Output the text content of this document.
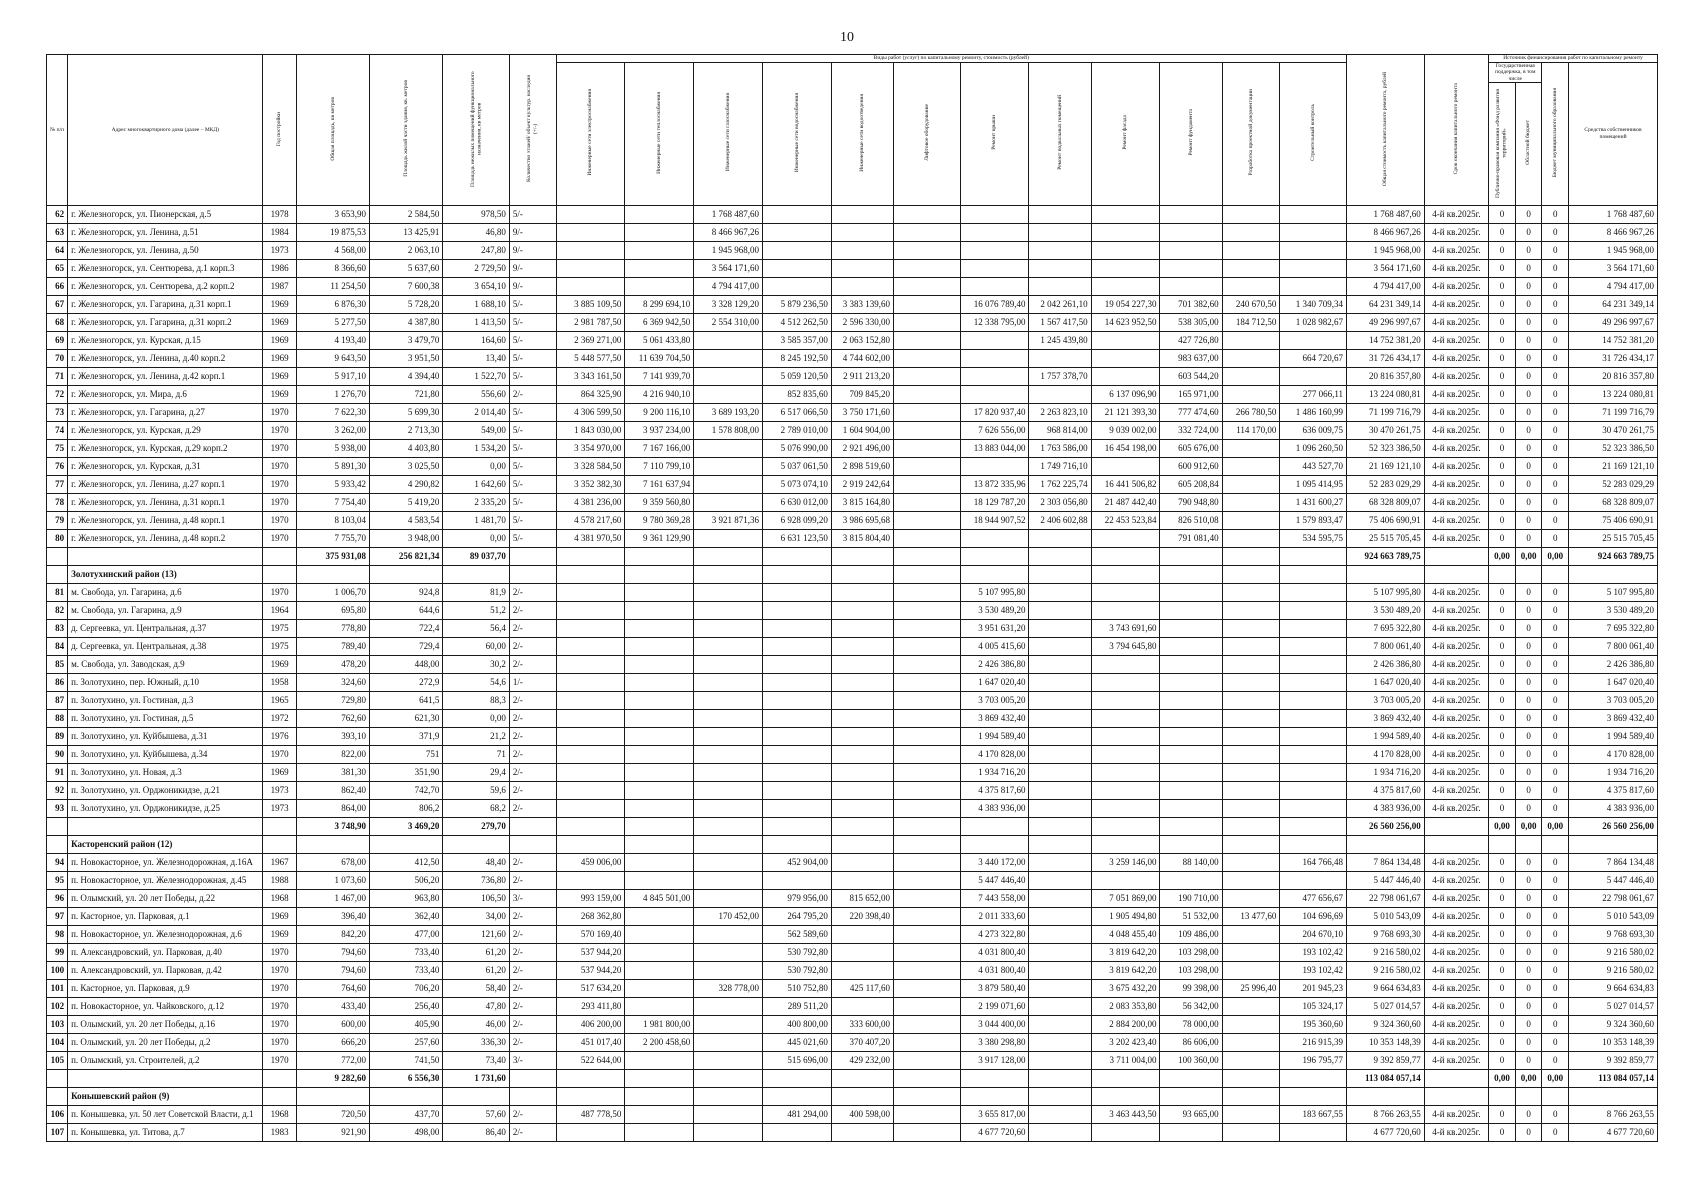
10
№ п/п	Адрес многоквартирного дома (далее – МКД)	Год постройки	Общая площадь, кв метров	Площадь жилой части здания, кв. метров	Площадь нежилых помещений функционального назначения, кв метров	Количество этажей/ объект культур. наследия (+/-)	Виды работ (услуг) по капитальному ремонту, стоимость (рублей)												Общая стоимость капитального ремонта, рублей	Срок окончания капитального ремонта	Источник финансирования работ по капитальному ремонту			
							Инженерные сети электроснабжения	Инженерные сети теплоснабжения	Инженерные сети газоснабжения	Инженерные сети водоснабжения	Инженерные сети водоотведения	Лифтовое оборудование	Ремонт крыши	Ремонт подвальных помещений	Ремонт фасада	Ремонт фундамента	Разработка проектной документации	Строительный контроль			Государственная поддержка, в том числе		Бюджет муниципального образования	Средства собственников помещений
																					Публично-правовая компания «Фонд развития территорий»	Областной бюджет		
62	г. Железногорск, ул. Пионерская, д.5	1978	3 653,90	2 584,50	978,50	5/-			1 768 487,60										1 768 487,60	4-й кв.2025г.	0	0	0	1 768 487,60
63	г. Железногорск, ул. Ленина, д.51	1984	19 875,53	13 425,91	46,80	9/-			8 466 967,26										8 466 967,26	4-й кв.2025г.	0	0	0	8 466 967,26
64	г. Железногорск, ул. Ленина, д.50	1973	4 568,00	2 063,10	247,80	9/-			1 945 968,00										1 945 968,00	4-й кв.2025г.	0	0	0	1 945 968,00
65	г. Железногорск, ул. Сентюрева, д.1 корп.3	1986	8 366,60	5 637,60	2 729,50	9/-			3 564 171,60										3 564 171,60	4-й кв.2025г.	0	0	0	3 564 171,60
66	г. Железногорск, ул. Сентюрева, д.2 корп.2	1987	11 254,50	7 600,38	3 654,10	9/-			4 794 417,00										4 794 417,00	4-й кв.2025г.	0	0	0	4 794 417,00
67	г. Железногорск, ул. Гагарина, д.31 корп.1	1969	6 876,30	5 728,20	1 688,10	5/-	3 885 109,50	8 299 694,10	3 328 129,20	5 879 236,50	3 383 139,60		16 076 789,40	2 042 261,10	19 054 227,30	701 382,60	240 670,50	1 340 709,34	64 231 349,14	4-й кв.2025г.	0	0	0	64 231 349,14
68	г. Железногорск, ул. Гагарина, д.31 корп.2	1969	5 277,50	4 387,80	1 413,50	5/-	2 981 787,50	6 369 942,50	2 554 310,00	4 512 262,50	2 596 330,00		12 338 795,00	1 567 417,50	14 623 952,50	538 305,00	184 712,50	1 028 982,67	49 296 997,67	4-й кв.2025г.	0	0	0	49 296 997,67
69	г. Железногорск, ул. Курская, д.15	1969	4 193,40	3 479,70	164,60	5/-	2 369 271,00	5 061 433,80		3 585 357,00	2 063 152,80			1 245 439,80		427 726,80			14 752 381,20	4-й кв.2025г.	0	0	0	14 752 381,20
70	г. Железногорск, ул. Ленина, д.40 корп.2	1969	9 643,50	3 951,50	13,40	5/-	5 448 577,50	11 639 704,50		8 245 192,50	4 744 602,00					983 637,00		664 720,67	31 726 434,17	4-й кв.2025г.	0	0	0	31 726 434,17
71	г. Железногорск, ул. Ленина, д.42 корп.1	1969	5 917,10	4 394,40	1 522,70	5/-	3 343 161,50	7 141 939,70		5 059 120,50	2 911 213,20			1 757 378,70		603 544,20			20 816 357,80	4-й кв.2025г.	0	0	0	20 816 357,80
72	г. Железногорск, ул. Мира, д.6	1969	1 276,70	721,80	556,60	2/-	864 325,90	4 216 940,10		852 835,60	709 845,20				6 137 096,90	165 971,00		277 066,11	13 224 080,81	4-й кв.2025г.	0	0	0	13 224 080,81
73	г. Железногорск, ул. Гагарина, д.27	1970	7 622,30	5 699,30	2 014,40	5/-	4 306 599,50	9 200 116,10	3 689 193,20	6 517 066,50	3 750 171,60		17 820 937,40	2 263 823,10	21 121 393,30	777 474,60	266 780,50	1 486 160,99	71 199 716,79	4-й кв.2025г.	0	0	0	71 199 716,79
74	г. Железногорск, ул. Курская, д.29	1970	3 262,00	2 713,30	549,00	5/-	1 843 030,00	3 937 234,00	1 578 808,00	2 789 010,00	1 604 904,00		7 626 556,00	968 814,00	9 039 002,00	332 724,00	114 170,00	636 009,75	30 470 261,75	4-й кв.2025г.	0	0	0	30 470 261,75
75	г. Железногорск, ул. Курская, д.29 корп.2	1970	5 938,00	4 403,80	1 534,20	5/-	3 354 970,00	7 167 166,00		5 076 990,00	2 921 496,00		13 883 044,00	1 763 586,00	16 454 198,00	605 676,00		1 096 260,50	52 323 386,50	4-й кв.2025г.	0	0	0	52 323 386,50
76	г. Железногорск, ул. Курская, д.31	1970	5 891,30	3 025,50	0,00	5/-	3 328 584,50	7 110 799,10		5 037 061,50	2 898 519,60			1 749 716,10		600 912,60		443 527,70	21 169 121,10	4-й кв.2025г.	0	0	0	21 169 121,10
77	г. Железногорск, ул. Ленина, д.27 корп.1	1970	5 933,42	4 290,82	1 642,60	5/-	3 352 382,30	7 161 637,94		5 073 074,10	2 919 242,64		13 872 335,96	1 762 225,74	16 441 506,82	605 208,84		1 095 414,95	52 283 029,29	4-й кв.2025г.	0	0	0	52 283 029,29
78	г. Железногорск, ул. Ленина, д.31 корп.1	1970	7 754,40	5 419,20	2 335,20	5/-	4 381 236,00	9 359 560,80		6 630 012,00	3 815 164,80		18 129 787,20	2 303 056,80	21 487 442,40	790 948,80		1 431 600,27	68 328 809,07	4-й кв.2025г.	0	0	0	68 328 809,07
79	г. Железногорск, ул. Ленина, д.48 корп.1	1970	8 103,04	4 583,54	1 481,70	5/-	4 578 217,60	9 780 369,28	3 921 871,36	6 928 099,20	3 986 695,68		18 944 907,52	2 406 602,88	22 453 523,84	826 510,08		1 579 893,47	75 406 690,91	4-й кв.2025г.	0	0	0	75 406 690,91
80	г. Железногорск, ул. Ленина, д.48 корп.2	1970	7 755,70	3 948,00	0,00	5/-	4 381 970,50	9 361 129,90		6 631 123,50	3 815 804,40					791 081,40		534 595,75	25 515 705,45	4-й кв.2025г.	0	0	0	25 515 705,45
			375 931,08	256 821,34	89 037,70														924 663 789,75		0,00	0,00	0,00	924 663 789,75
	Золотухинский район (13)																							
81	м. Свобода, ул. Гагарина, д.6	1970	1 006,70	924,8	81,9	2/-							5 107 995,80						5 107 995,80	4-й кв.2025г.	0	0	0	5 107 995,80
82	м. Свобода, ул. Гагарина, д.9	1964	695,80	644,6	51,2	2/-							3 530 489,20						3 530 489,20	4-й кв.2025г.	0	0	0	3 530 489,20
83	д. Сергеевка, ул. Центральная, д.37	1975	778,80	722,4	56,4	2/-							3 951 631,20		3 743 691,60				7 695 322,80	4-й кв.2025г.	0	0	0	7 695 322,80
84	д. Сергеевка, ул. Центральная, д.38	1975	789,40	729,4	60,00	2/-							4 005 415,60		3 794 645,80				7 800 061,40	4-й кв.2025г.	0	0	0	7 800 061,40
85	м. Свобода, ул. Заводская, д.9	1969	478,20	448,00	30,2	2/-							2 426 386,80						2 426 386,80	4-й кв.2025г.	0	0	0	2 426 386,80
86	п. Золотухино, пер. Южный, д.10	1958	324,60	272,9	54,6	1/-							1 647 020,40						1 647 020,40	4-й кв.2025г.	0	0	0	1 647 020,40
87	п. Золотухино, ул. Гостиная, д.3	1965	729,80	641,5	88,3	2/-							3 703 005,20						3 703 005,20	4-й кв.2025г.	0	0	0	3 703 005,20
88	п. Золотухино, ул. Гостиная, д.5	1972	762,60	621,30	0,00	2/-							3 869 432,40						3 869 432,40	4-й кв.2025г.	0	0	0	3 869 432,40
89	п. Золотухино, ул. Куйбышева, д.31	1976	393,10	371,9	21,2	2/-							1 994 589,40						1 994 589,40	4-й кв.2025г.	0	0	0	1 994 589,40
90	п. Золотухино, ул. Куйбышева, д.34	1970	822,00	751	71	2/-							4 170 828,00						4 170 828,00	4-й кв.2025г.	0	0	0	4 170 828,00
91	п. Золотухино, ул. Новая, д.3	1969	381,30	351,90	29,4	2/-							1 934 716,20						1 934 716,20	4-й кв.2025г.	0	0	0	1 934 716,20
92	п. Золотухино, ул. Орджоникидзе, д.21	1973	862,40	742,70	59,6	2/-							4 375 817,60						4 375 817,60	4-й кв.2025г.	0	0	0	4 375 817,60
93	п. Золотухино, ул. Орджоникидзе, д.25	1973	864,00	806,2	68,2	2/-							4 383 936,00						4 383 936,00	4-й кв.2025г.	0	0	0	4 383 936,00
			3 748,90	3 469,20	279,70														26 560 256,00		0,00	0,00	0,00	26 560 256,00
	Касторенский район (12)																							
94	п. Новокасторное, ул. Железнодорожная, д.16А	1967	678,00	412,50	48,40	2/-	459 006,00			452 904,00			3 440 172,00		3 259 146,00	88 140,00		164 766,48	7 864 134,48	4-й кв.2025г.	0	0	0	7 864 134,48
95	п. Новокасторное, ул. Железнодорожная, д.45	1988	1 073,60	506,20	736,80	2/-							5 447 446,40						5 447 446,40	4-й кв.2025г.	0	0	0	5 447 446,40
96	п. Олымский, ул. 20 лет Победы, д.22	1968	1 467,00	963,80	106,50	3/-	993 159,00	4 845 501,00		979 956,00	815 652,00		7 443 558,00		7 051 869,00	190 710,00		477 656,67	22 798 061,67	4-й кв.2025г.	0	0	0	22 798 061,67
97	п. Касторное, ул. Парковая, д.1	1969	396,40	362,40	34,00	2/-	268 362,80		170 452,00	264 795,20	220 398,40		2 011 333,60		1 905 494,80	51 532,00	13 477,60	104 696,69	5 010 543,09	4-й кв.2025г.	0	0	0	5 010 543,09
98	п. Новокасторное, ул. Железнодорожная, д.6	1969	842,20	477,00	121,60	2/-	570 169,40			562 589,60			4 273 322,80		4 048 455,40	109 486,00		204 670,10	9 768 693,30	4-й кв.2025г.	0	0	0	9 768 693,30
99	п. Александровский, ул. Парковая, д.40	1970	794,60	733,40	61,20	2/-	537 944,20			530 792,80			4 031 800,40		3 819 642,20	103 298,00		193 102,42	9 216 580,02	4-й кв.2025г.	0	0	0	9 216 580,02
100	п. Александровский, ул. Парковая, д.42	1970	794,60	733,40	61,20	2/-	537 944,20			530 792,80			4 031 800,40		3 819 642,20	103 298,00		193 102,42	9 216 580,02	4-й кв.2025г.	0	0	0	9 216 580,02
101	п. Касторное, ул. Парковая, д.9	1970	764,60	706,20	58,40	2/-	517 634,20		328 778,00	510 752,80	425 117,60		3 879 580,40		3 675 432,20	99 398,00	25 996,40	201 945,23	9 664 634,83	4-й кв.2025г.	0	0	0	9 664 634,83
102	п. Новокасторное, ул. Чайковского, д.12	1970	433,40	256,40	47,80	2/-	293 411,80			289 511,20			2 199 071,60		2 083 353,80	56 342,00		105 324,17	5 027 014,57	4-й кв.2025г.	0	0	0	5 027 014,57
103	п. Олымский, ул. 20 лет Победы, д.16	1970	600,00	405,90	46,00	2/-	406 200,00	1 981 800,00		400 800,00	333 600,00		3 044 400,00		2 884 200,00	78 000,00		195 360,60	9 324 360,60	4-й кв.2025г.	0	0	0	9 324 360,60
104	п. Олымский, ул. 20 лет Победы, д.2	1970	666,20	257,60	336,30	2/-	451 017,40	2 200 458,60		445 021,60	370 407,20		3 380 298,80		3 202 423,40	86 606,00		216 915,39	10 353 148,39	4-й кв.2025г.	0	0	0	10 353 148,39
105	п. Олымский, ул. Строителей, д.2	1970	772,00	741,50	73,40	3/-	522 644,00			515 696,00	429 232,00		3 917 128,00		3 711 004,00	100 360,00		196 795,77	9 392 859,77	4-й кв.2025г.	0	0	0	9 392 859,77
			9 282,60	6 556,30	1 731,60														113 084 057,14		0,00	0,00	0,00	113 084 057,14
	Конышевский район (9)																							
106	п. Конышевка, ул. 50 лет Советской Власти, д.1	1968	720,50	437,70	57,60	2/-	487 778,50			481 294,00	400 598,00		3 655 817,00		3 463 443,50	93 665,00		183 667,55	8 766 263,55	4-й кв.2025г.	0	0	0	8 766 263,55
107	п. Конышевка, ул. Титова, д.7	1983	921,90	498,00	86,40	2/-							4 677 720,60						4 677 720,60	4-й кв.2025г.	0	0	0	4 677 720,60
